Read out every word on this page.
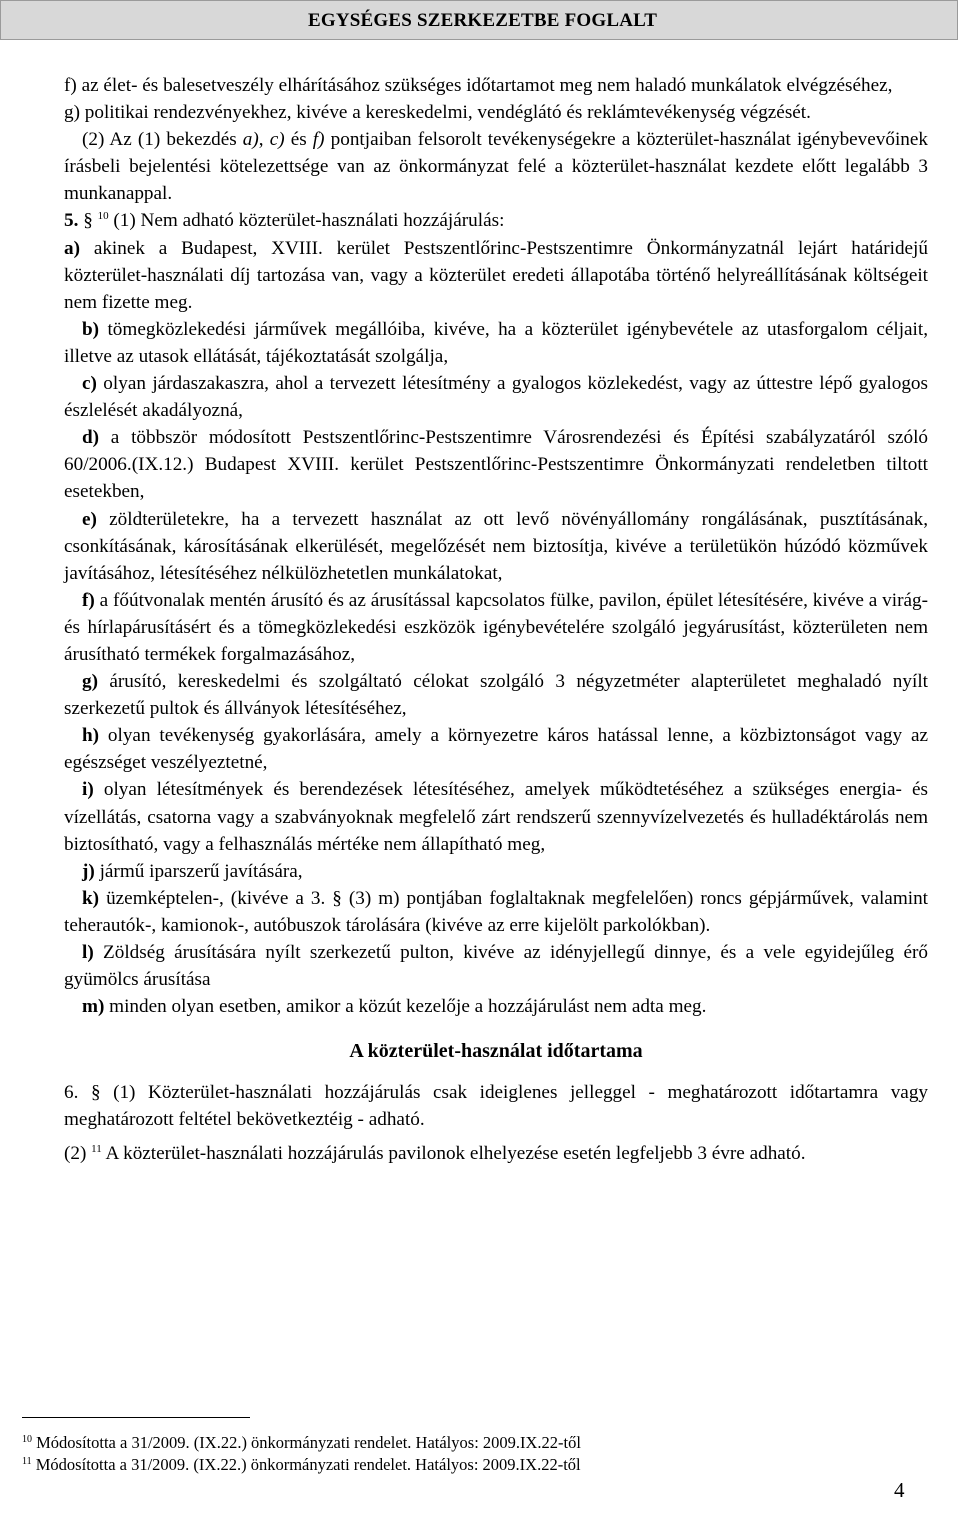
EGYSÉGES SZERKEZETBE FOGLALT

f) az élet- és balesetveszély elhárításához szükséges időtartamot meg nem haladó munkálatok elvégzéséhez,

g) politikai rendezvényekhez, kivéve a kereskedelmi, vendéglátó és reklámtevékenység végzését.

(2) Az (1) bekezdés a), c) és f) pontjaiban felsorolt tevékenységekre a közterület-használat igénybevevőinek írásbeli bejelentési kötelezettsége van az önkormányzat felé a közterület-használat kezdete előtt legalább 3 munkanappal.

5. § $^{10}$ (1) Nem adható közterület-használati hozzájárulás:

a) akinek a Budapest, XVIII. kerület Pestszentlőrinc-Pestszentimre Önkormányzatnál lejárt határidejű közterület-használati díj tartozása van, vagy a közterület eredeti állapotába történő helyreállításának költségeit nem fizette meg.

b) tömegközlekedési járművek megállóiba, kivéve, ha a közterület igénybevétele az utasforgalom céljait, illetve az utasok ellátását, tájékoztatását szolgálja,

c) olyan járdaszakaszra, ahol a tervezett létesítmény a gyalogos közlekedést, vagy az úttestre lépő gyalogos észlelését akadályozná,

d) a többször módosított Pestszentlőrinc-Pestszentimre Városrendezési és Építési szabályzatáról szóló 60/2006.(IX.12.) Budapest XVIII. kerület Pestszentlőrinc-Pestszentimre Önkormányzati rendeletben tiltott esetekben,

e) zöldterületekre, ha a tervezett használat az ott levő növényállomány rongálásának, pusztításának, csonkításának, károsításának elkerülését, megelőzését nem biztosítja, kivéve a területükön húzódó közművek javításához, létesítéséhez nélkülözhetetlen munkálatokat,

f) a főútvonalak mentén árusító és az árusítással kapcsolatos fülke, pavilon, épület létesítésére, kivéve a virág- és hírlapárusításért és a tömegközlekedési eszközök igénybevételére szolgáló jegyárusítást, közterületen nem árusítható termékek forgalmazásához,

g) árusító, kereskedelmi és szolgáltató célokat szolgáló 3 négyzetméter alapterületet meghaladó nyílt szerkezetű pultok és állványok létesítéséhez,

h) olyan tevékenység gyakorlására, amely a környezetre káros hatással lenne, a közbiztonságot vagy az egészséget veszélyeztetné,

i) olyan létesítmények és berendezések létesítéséhez, amelyek működtetéséhez a szükséges energia- és vízellátás, csatorna vagy a szabványoknak megfelelő zárt rendszerű szennyvízelvezetés és hulladéktárolás nem biztosítható, vagy a felhasználás mértéke nem állapítható meg,

j) jármű iparszerű javítására,

k) üzemképtelen-, (kivéve a 3. § (3) m) pontjában foglaltaknak megfelelően) roncs gépjárművek, valamint teherautók-, kamionok-, autóbuszok tárolására (kivéve az erre kijelölt parkolókban).

l) Zöldség árusítására nyílt szerkezetű pulton, kivéve az idényjellegű dinnye, és a vele egyidejűleg érő gyümölcs árusítása

m) minden olyan esetben, amikor a közút kezelője a hozzájárulást nem adta meg.

A közterület-használat időtartama

6. § (1) Közterület-használati hozzájárulás csak ideiglenes jelleggel - meghatározott időtartamra vagy meghatározott feltétel bekövetkeztéig - adható.

(2) $^{11}$ A közterület-használati hozzájárulás pavilonok elhelyezése esetén legfeljebb 3 évre adható.

$^{10}$ Módosította a 31/2009. (IX.22.) önkormányzati rendelet. Hatályos: 2009.IX.22-től
$^{11}$ Módosította a 31/2009. (IX.22.) önkormányzati rendelet. Hatályos: 2009.IX.22-től
4
